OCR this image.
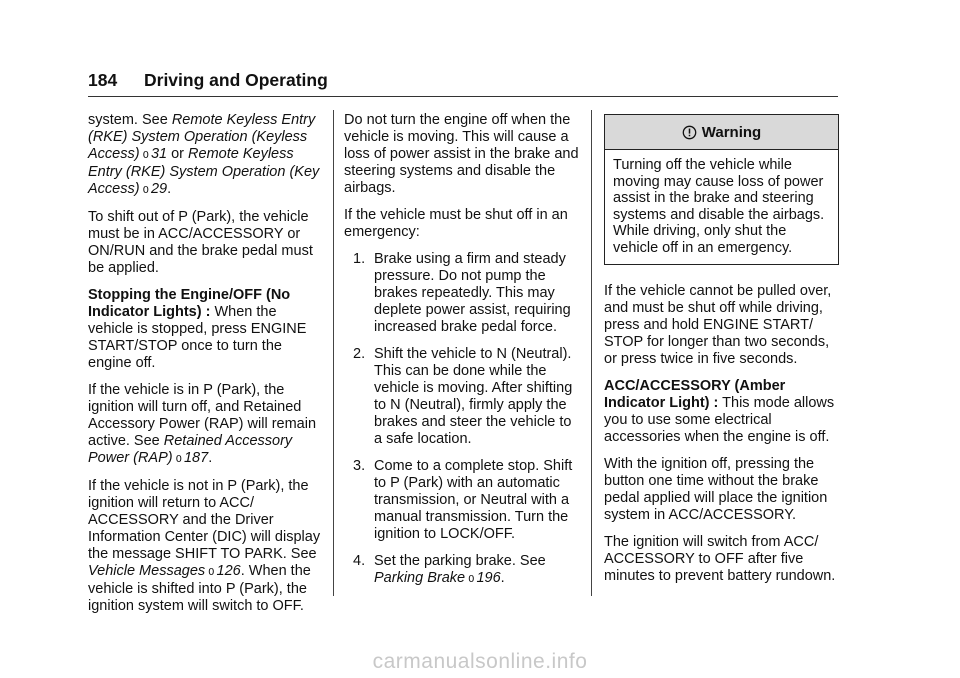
184 Driving and Operating

system. See Remote Keyless Entry (RKE) System Operation (Keyless Access) 0 31 or Remote Keyless Entry (RKE) System Operation (Key Access) 0 29.

To shift out of P (Park), the vehicle must be in ACC/ACCESSORY or ON/RUN and the brake pedal must be applied.

Stopping the Engine/OFF (No Indicator Lights) : When the vehicle is stopped, press ENGINE START/STOP once to turn the engine off.

If the vehicle is in P (Park), the ignition will turn off, and Retained Accessory Power (RAP) will remain active. See Retained Accessory Power (RAP) 0 187.

If the vehicle is not in P (Park), the ignition will return to ACC/ ACCESSORY and the Driver Information Center (DIC) will display the message SHIFT TO PARK. See Vehicle Messages 0 126. When the vehicle is shifted into P (Park), the ignition system will switch to OFF.

Do not turn the engine off when the vehicle is moving. This will cause a loss of power assist in the brake and steering systems and disable the airbags.

If the vehicle must be shut off in an emergency:

1. Brake using a firm and steady pressure. Do not pump the brakes repeatedly. This may deplete power assist, requiring increased brake pedal force.
2. Shift the vehicle to N (Neutral). This can be done while the vehicle is moving. After shifting to N (Neutral), firmly apply the brakes and steer the vehicle to a safe location.
3. Come to a complete stop. Shift to P (Park) with an automatic transmission, or Neutral with a manual transmission. Turn the ignition to LOCK/OFF.
4. Set the parking brake. See
Parking Brake 0 196.
Warning
Turning off the vehicle while moving may cause loss of power assist in the brake and steering systems and disable the airbags. While driving, only shut the vehicle off in an emergency.

If the vehicle cannot be pulled over, and must be shut off while driving, press and hold ENGINE START/ STOP for longer than two seconds, or press twice in five seconds.

ACC/ACCESSORY (Amber Indicator Light) : This mode allows you to use some electrical accessories when the engine is off.

With the ignition off, pressing the button one time without the brake pedal applied will place the ignition system in ACC/ACCESSORY.

The ignition will switch from ACC/ ACCESSORY to OFF after five minutes to prevent battery rundown.

carmanualsonline.info
